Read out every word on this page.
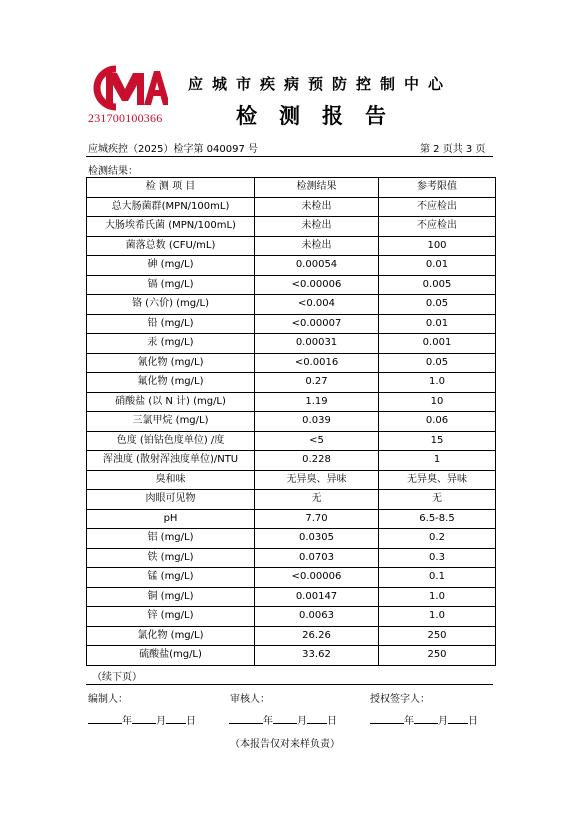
231700100366
应城市疾病预防控制中心
检测报告
应城疾控（2025）检字第 040097 号	第 2 页共 3 页
检测结果：
检 测 项 目	检测结果	参考限值
总大肠菌群(MPN/100mL)	未检出	不应检出
大肠埃希氏菌 (MPN/100mL)	未检出	不应检出
菌落总数 (CFU/mL)	未检出	100
砷 (mg/L)	0.00054	0.01
镉 (mg/L)	<0.00006	0.005
铬 (六价) (mg/L)	<0.004	0.05
铅 (mg/L)	<0.00007	0.01
汞 (mg/L)	0.00031	0.001
氰化物 (mg/L)	<0.0016	0.05
氟化物 (mg/L)	0.27	1.0
硝酸盐 (以 N 计) (mg/L)	1.19	10
三氯甲烷 (mg/L)	0.039	0.06
色度 (铂钴色度单位) /度	<5	15
浑浊度 (散射浑浊度单位)/NTU	0.228	1
臭和味	无异臭、异味	无异臭、异味
肉眼可见物	无	无
pH	7.70	6.5-8.5
铝 (mg/L)	0.0305	0.2
铁 (mg/L)	0.0703	0.3
锰 (mg/L)	<0.00006	0.1
铜 (mg/L)	0.00147	1.0
锌 (mg/L)	0.0063	1.0
氯化物 (mg/L)	26.26	250
硫酸盐(mg/L)	33.62	250
（续下页）
编制人：	审核人：	授权签字人：
年 月 日	年 月 日	年 月 日
（本报告仅对来样负责）
